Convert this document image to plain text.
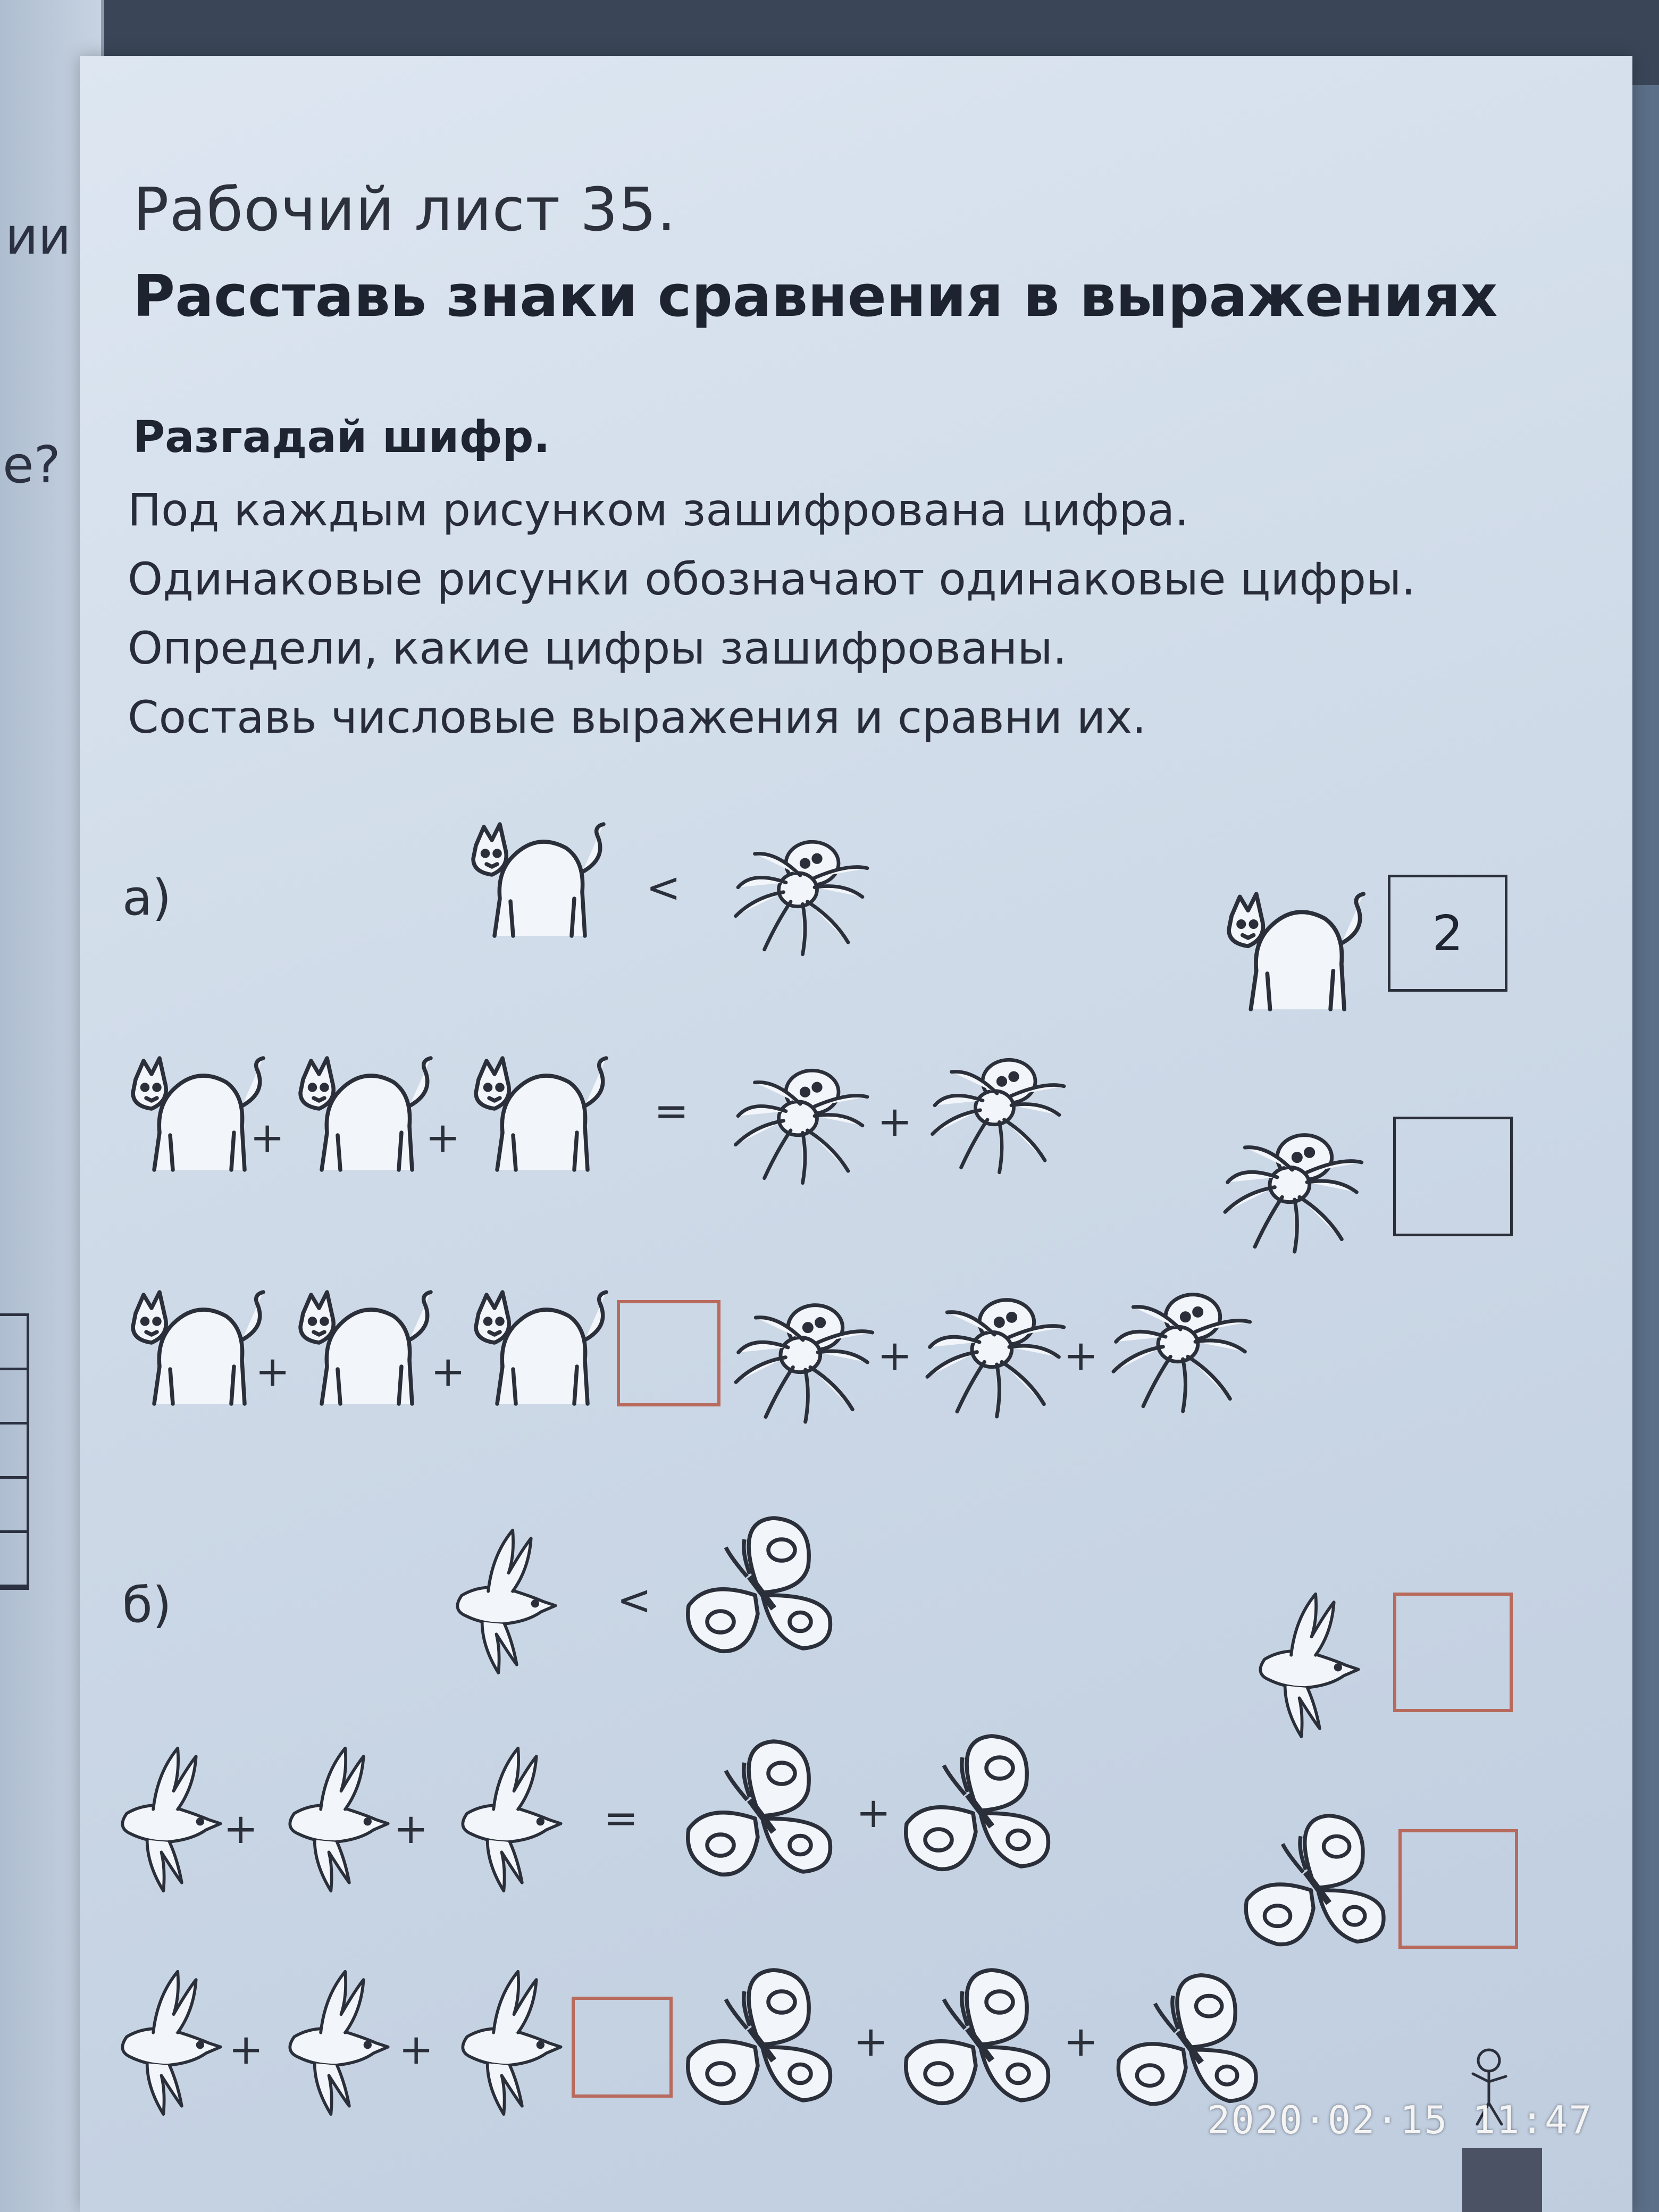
ии
е?
Рабочий лист 35.
Расставь знаки сравнения в выражениях
Разгадай шифр.
Под каждым рисунком зашифрована цифра.
Одинаковые рисунки обозначают одинаковые цифры.
Определи, какие цифры зашифрованы.
Составь числовые выражения и сравни их.
а)	<
2
+	+
=	+
+	+	+	+
б)	<
+	+	=	+
+	+	+	+
2020·02·15 11:47
